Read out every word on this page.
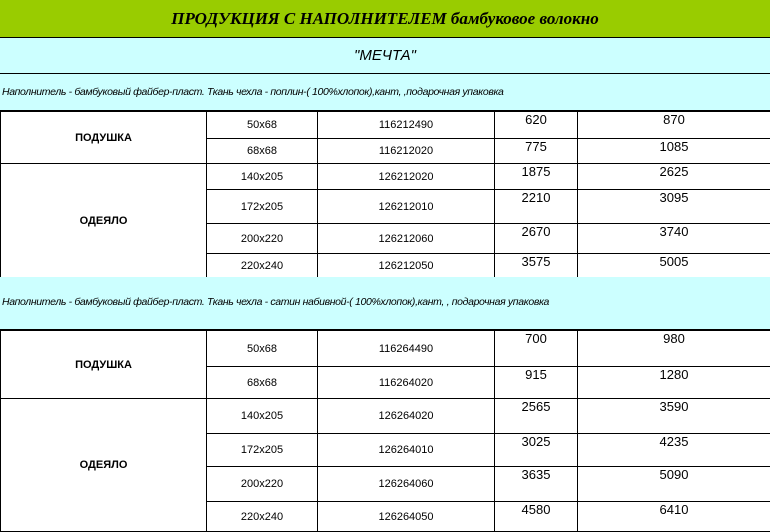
ПРОДУКЦИЯ С НАПОЛНИТЕЛЕМ бамбуковое волокно
"МЕЧТА"
Наполнитель - бамбуковый файбер-пласт. Ткань чехла - поплин-( 100%хлопок),кант, ,подарочная упаковка
ПОДУШКА	50x68	116212490	620	870
	68x68	116212020	775	1085
ОДЕЯЛО	140x205	126212020	1875	2625
	172x205	126212010	2210	3095
	200x220	126212060	2670	3740
	220x240	126212050	3575	5005
Наполнитель - бамбуковый файбер-пласт. Ткань чехла - сатин набивной-( 100%хлопок),кант, , подарочная упаковка
ПОДУШКА	50x68	116264490	700	980
	68x68	116264020	915	1280
ОДЕЯЛО	140x205	126264020	2565	3590
	172x205	126264010	3025	4235
	200x220	126264060	3635	5090
	220x240	126264050	4580	6410
